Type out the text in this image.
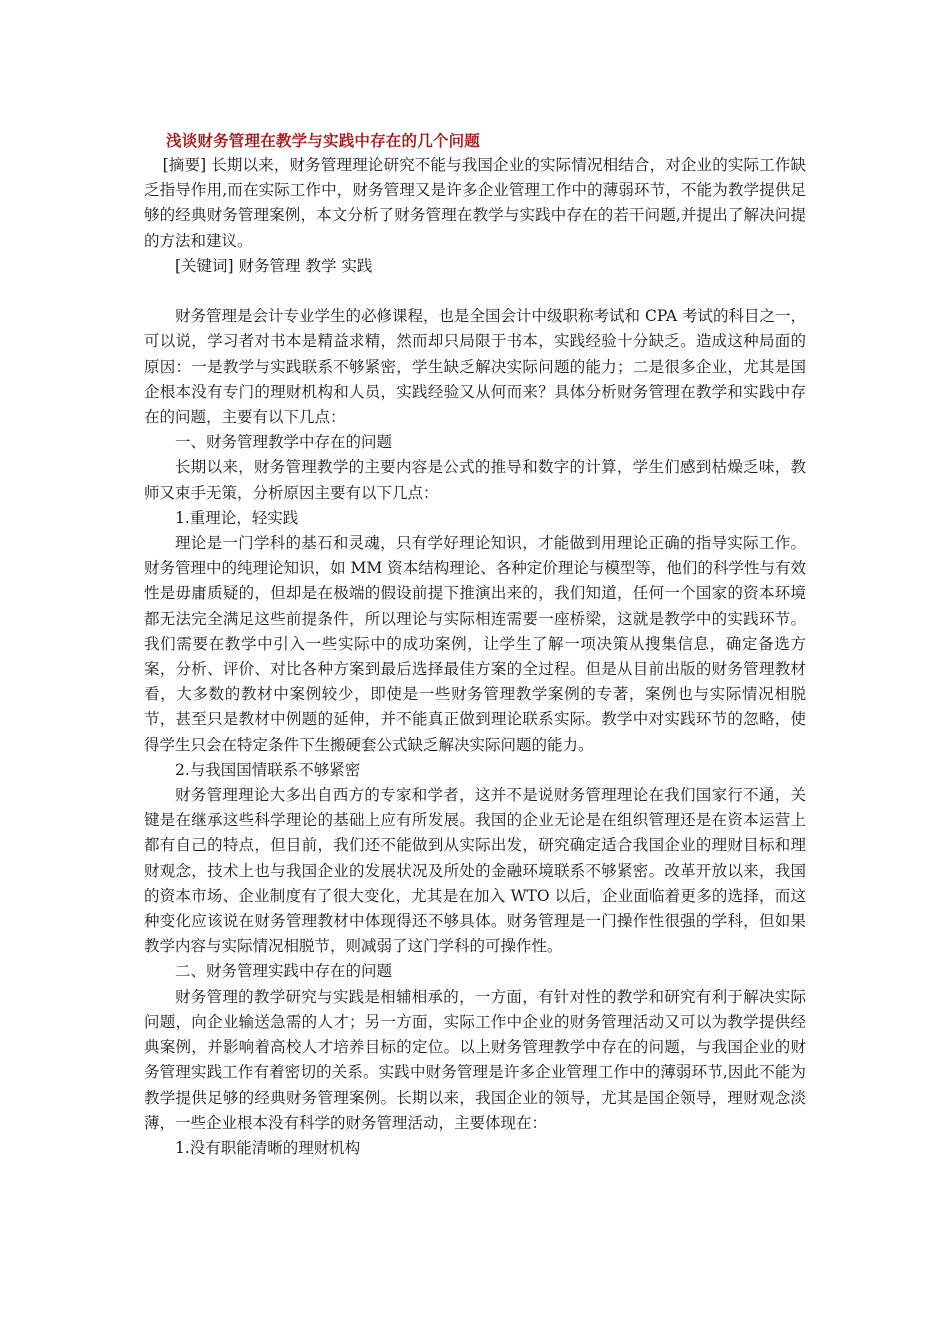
浅谈财务管理在教学与实践中存在的几个问题

[摘要] 长期以来，财务管理理论研究不能与我国企业的实际情况相结合，对企业的实际工作缺乏指导作用,而在实际工作中，财务管理又是许多企业管理工作中的薄弱环节，不能为教学提供足够的经典财务管理案例，本文分析了财务管理在教学与实践中存在的若干问题,并提出了解决问提的方法和建议。

[关键词] 财务管理 教学 实践

财务管理是会计专业学生的必修课程，也是全国会计中级职称考试和 CPA 考试的科目之一，可以说，学习者对书本是精益求精，然而却只局限于书本，实践经验十分缺乏。造成这种局面的原因：一是教学与实践联系不够紧密，学生缺乏解决实际问题的能力；二是很多企业，尤其是国企根本没有专门的理财机构和人员，实践经验又从何而来？具体分析财务管理在教学和实践中存在的问题，主要有以下几点：

一、财务管理教学中存在的问题

长期以来，财务管理教学的主要内容是公式的推导和数字的计算，学生们感到枯燥乏味，教师又束手无策，分析原因主要有以下几点：

1.重理论，轻实践

理论是一门学科的基石和灵魂，只有学好理论知识，才能做到用理论正确的指导实际工作。财务管理中的纯理论知识，如 MM 资本结构理论、各种定价理论与模型等，他们的科学性与有效性是毋庸质疑的，但却是在极端的假设前提下推演出来的，我们知道，任何一个国家的资本环境都无法完全满足这些前提条件，所以理论与实际相连需要一座桥梁，这就是教学中的实践环节。我们需要在教学中引入一些实际中的成功案例，让学生了解一项决策从搜集信息，确定备选方案，分析、评价、对比各种方案到最后选择最佳方案的全过程。但是从目前出版的财务管理教材看，大多数的教材中案例较少，即使是一些财务管理教学案例的专著，案例也与实际情况相脱节，甚至只是教材中例题的延伸，并不能真正做到理论联系实际。教学中对实践环节的忽略，使得学生只会在特定条件下生搬硬套公式缺乏解决实际问题的能力。

2.与我国国情联系不够紧密

财务管理理论大多出自西方的专家和学者，这并不是说财务管理理论在我们国家行不通，关键是在继承这些科学理论的基础上应有所发展。我国的企业无论是在组织管理还是在资本运营上都有自己的特点，但目前，我们还不能做到从实际出发，研究确定适合我国企业的理财目标和理财观念，技术上也与我国企业的发展状况及所处的金融环境联系不够紧密。改革开放以来，我国的资本市场、企业制度有了很大变化，尤其是在加入 WTO 以后，企业面临着更多的选择，而这种变化应该说在财务管理教材中体现得还不够具体。财务管理是一门操作性很强的学科，但如果教学内容与实际情况相脱节，则减弱了这门学科的可操作性。

二、财务管理实践中存在的问题

财务管理的教学研究与实践是相辅相承的，一方面，有针对性的教学和研究有利于解决实际问题，向企业输送急需的人才；另一方面，实际工作中企业的财务管理活动又可以为教学提供经典案例，并影响着高校人才培养目标的定位。以上财务管理教学中存在的问题，与我国企业的财务管理实践工作有着密切的关系。实践中财务管理是许多企业管理工作中的薄弱环节,因此不能为教学提供足够的经典财务管理案例。长期以来，我国企业的领导，尤其是国企领导，理财观念淡薄，一些企业根本没有科学的财务管理活动，主要体现在：

1.没有职能清晰的理财机构
